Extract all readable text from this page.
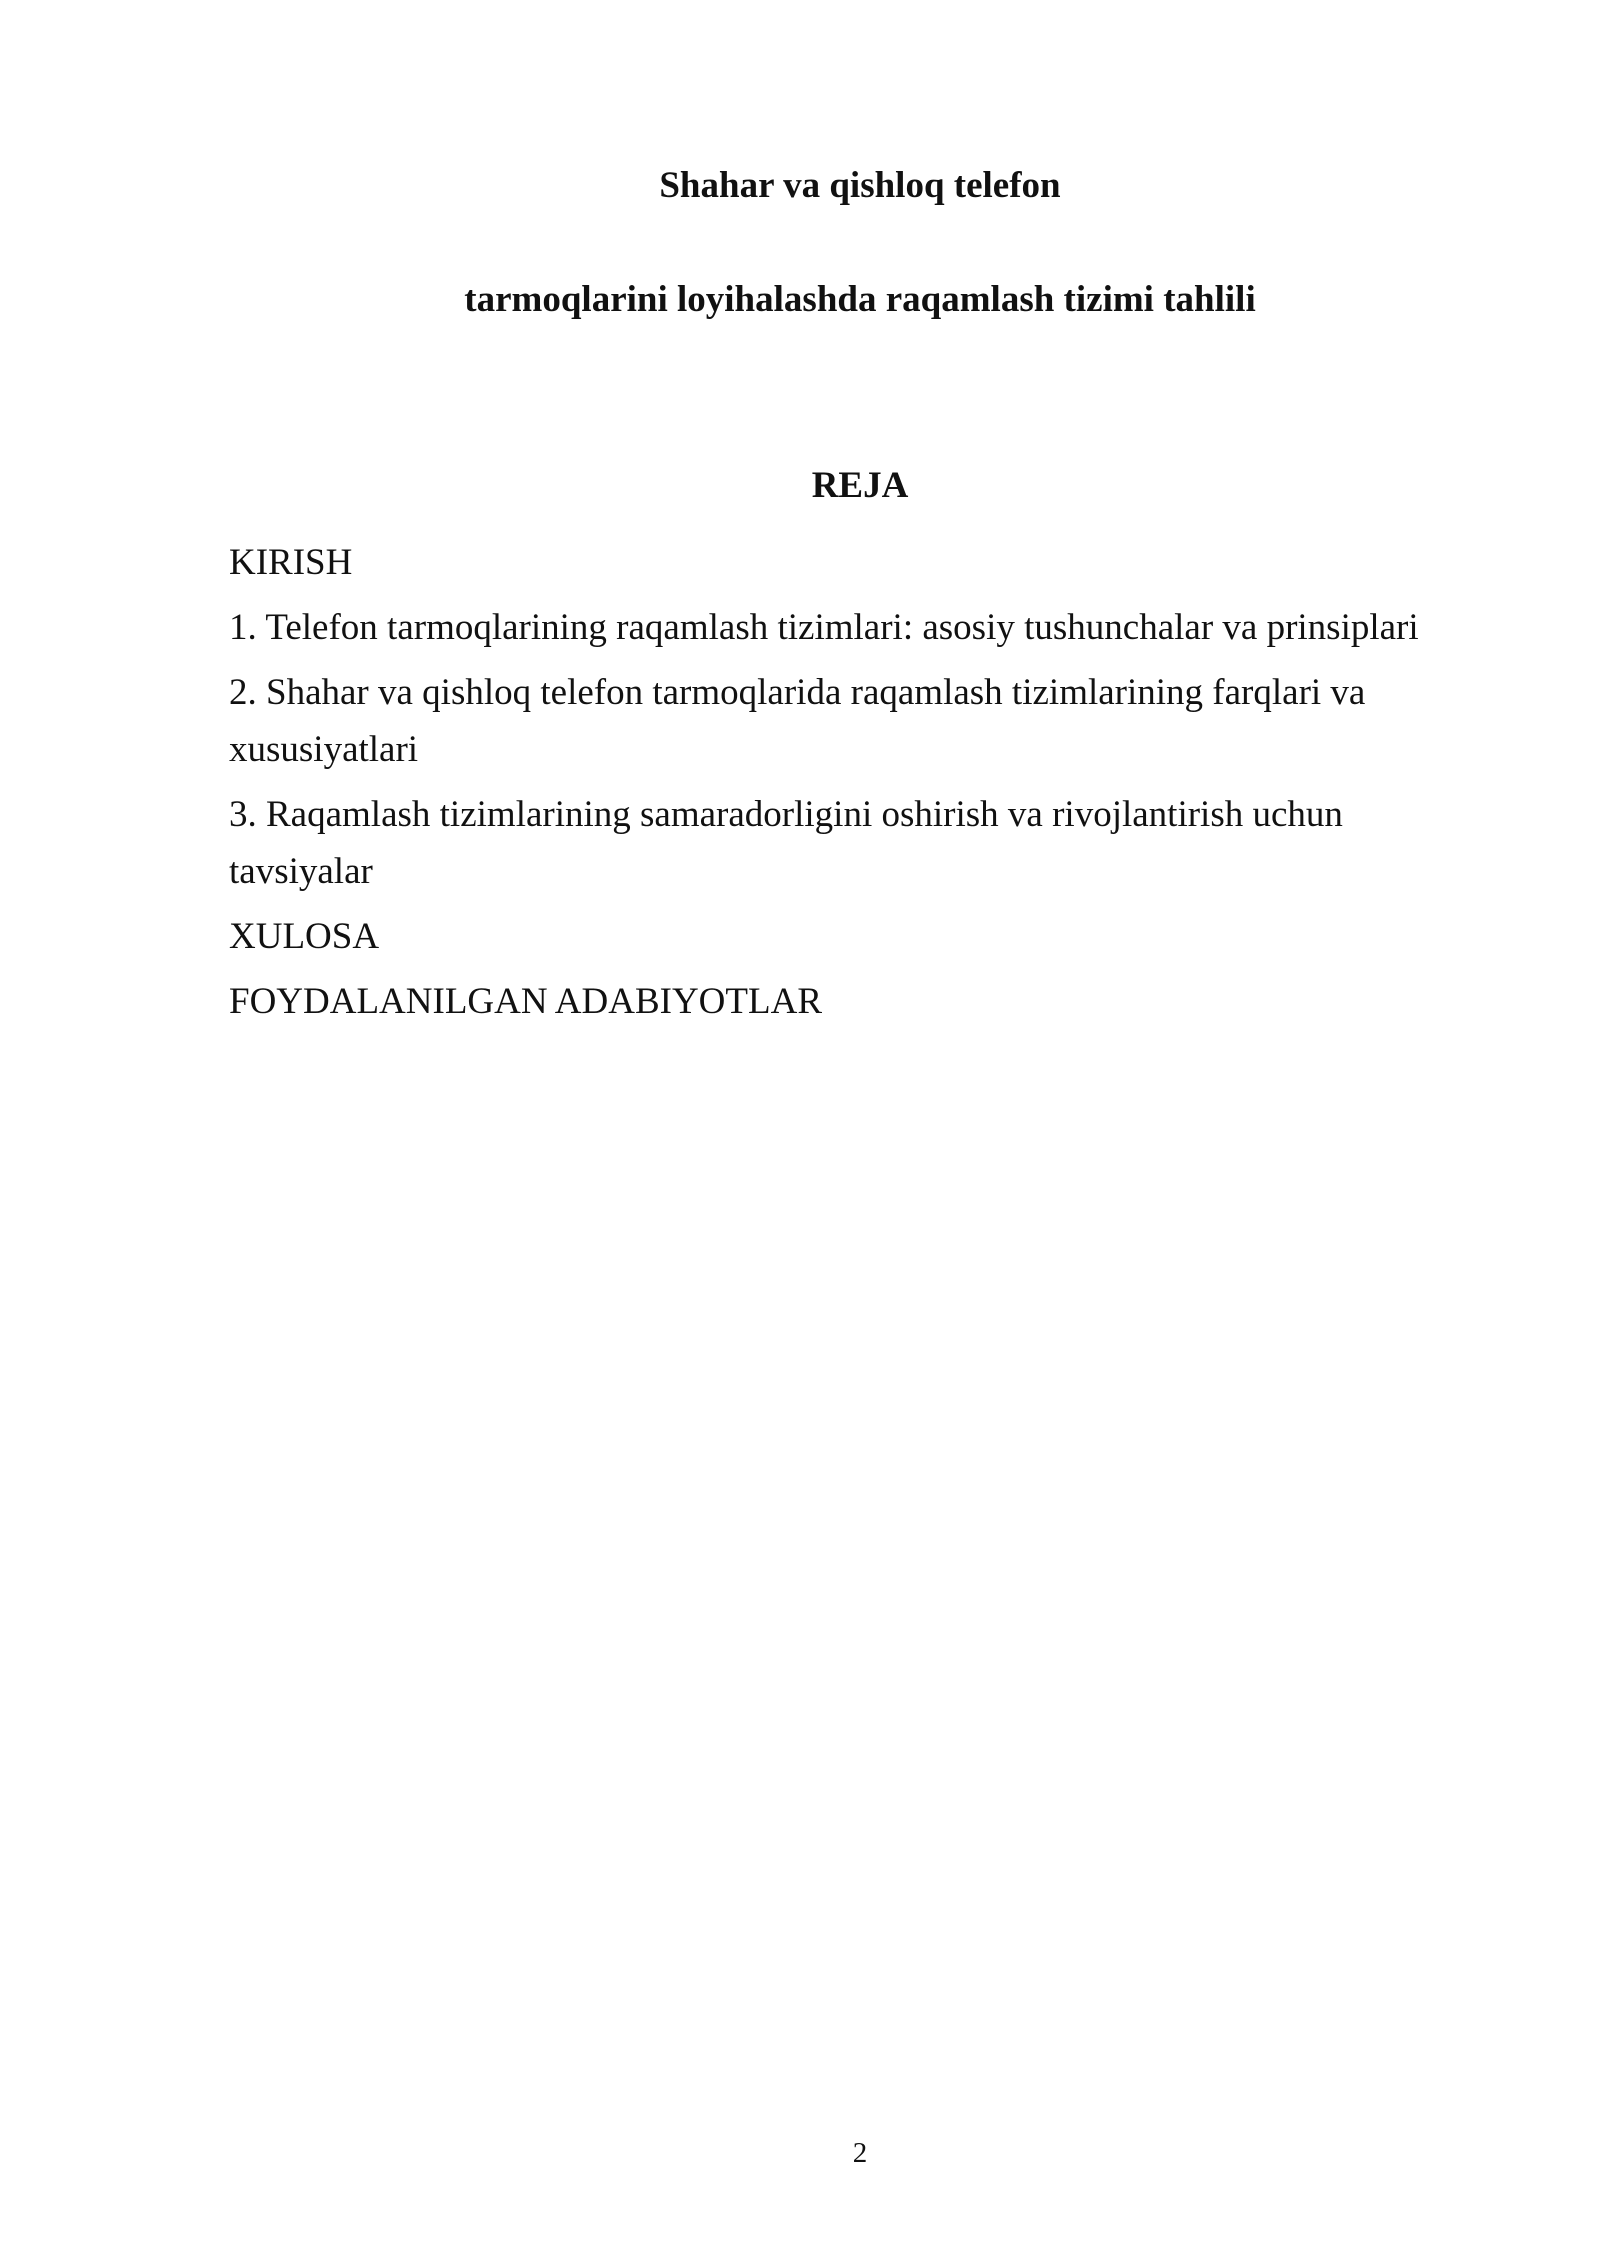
Shahar va qishloq telefon
tarmoqlarini loyihalashda raqamlash tizimi tahlili
REJA
KIRISH
1. Telefon tarmoqlarining raqamlash tizimlari: asosiy tushunchalar va prinsiplari
2. Shahar va qishloq telefon tarmoqlarida raqamlash tizimlarining farqlari va xususiyatlari
3. Raqamlash tizimlarining samaradorligini oshirish va rivojlantirish uchun tavsiyalar
XULOSA
FOYDALANILGAN ADABIYOTLAR
2
